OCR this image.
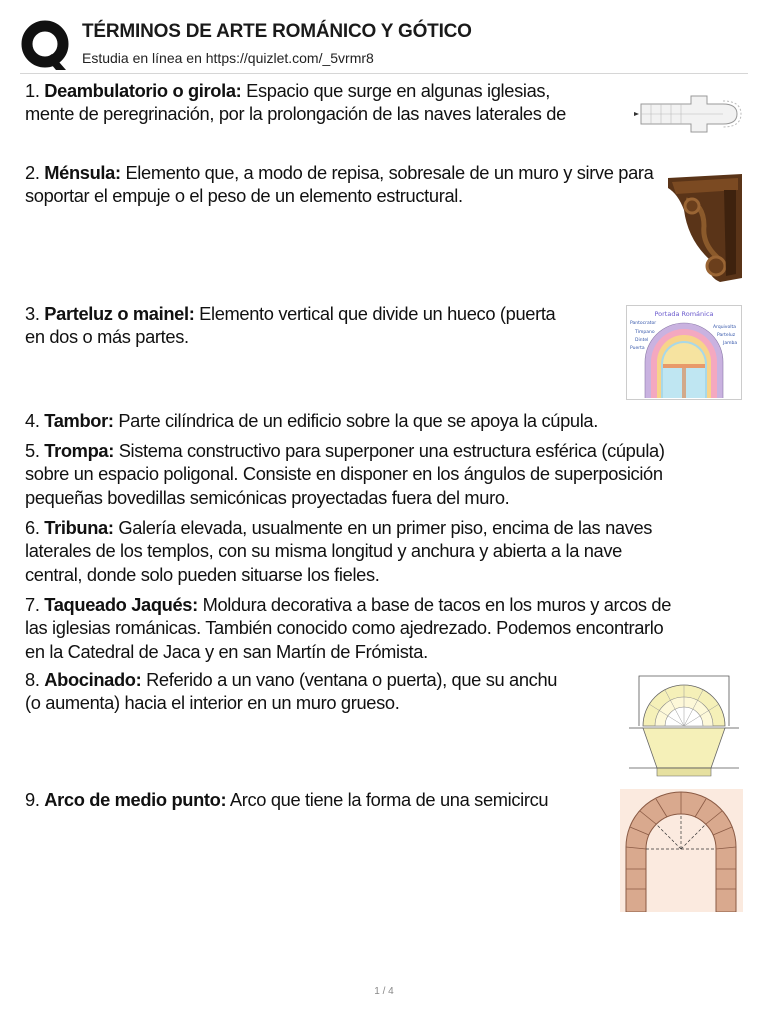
TÉRMINOS DE ARTE ROMÁNICO Y GÓTICO
Estudia en línea en https://quizlet.com/_5vrmr8
1. Deambulatorio o girola: Espacio que surge en algunas iglesias,
mente de peregrinación, por la prolongación de las naves laterales de
2. Ménsula: Elemento que, a modo de repisa, sobresale de un muro y sirve para
soportar el empuje o el peso de un elemento estructural.
3. Parteluz o mainel: Elemento vertical que divide un hueco (puerta
en dos o más partes.
4. Tambor: Parte cilíndrica de un edificio sobre la que se apoya la cúpula.
5. Trompa: Sistema constructivo para superponer una estructura esférica (cúpula)
sobre un espacio poligonal. Consiste en disponer en los ángulos de superposición
pequeñas bovedillas semicónicas proyectadas fuera del muro.
6. Tribuna: Galería elevada, usualmente en un primer piso, encima de las naves
laterales de los templos, con su misma longitud y anchura y abierta a la nave
central, donde solo pueden situarse los fieles.
7. Taqueado Jaqués: Moldura decorativa a base de tacos en los muros y arcos de
las iglesias románicas. También conocido como ajedrezado. Podemos encontrarlo
en la Catedral de Jaca y en san Martín de Frómista.
8. Abocinado: Referido a un vano (ventana o puerta), que su anchu
(o aumenta) hacia el interior en un muro grueso.
9. Arco de medio punto: Arco que tiene la forma de una semicircu
Portada Románica
Pantocrator
Tímpano
Dintel
Puerta
Arquivolta
Parteluz
Jamba
1 / 4
